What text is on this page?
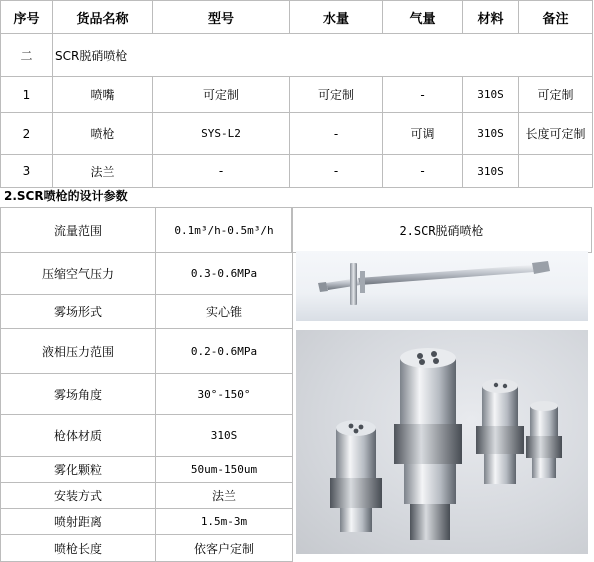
序号	货品名称	型号	水量	气量	材料	备注
二	SCR脱硝喷枪					
1	喷嘴	可定制	可定制	-	310S	可定制
2	喷枪	SYS-L2	-	可调	310S	长度可定制
3	法兰	-	-	-	310S	
2.SCR喷枪的设计参数
流量范围	0.1m³/h-0.5m³/h
压缩空气压力	0.3-0.6MPa
雾场形式	实心锥
液相压力范围	0.2-0.6MPa
雾场角度	30°-150°
枪体材质	310S
雾化颗粒	50um-150um
安装方式	法兰
喷射距离	1.5m-3m
喷枪长度	依客户定制
2.SCR脱硝喷枪
